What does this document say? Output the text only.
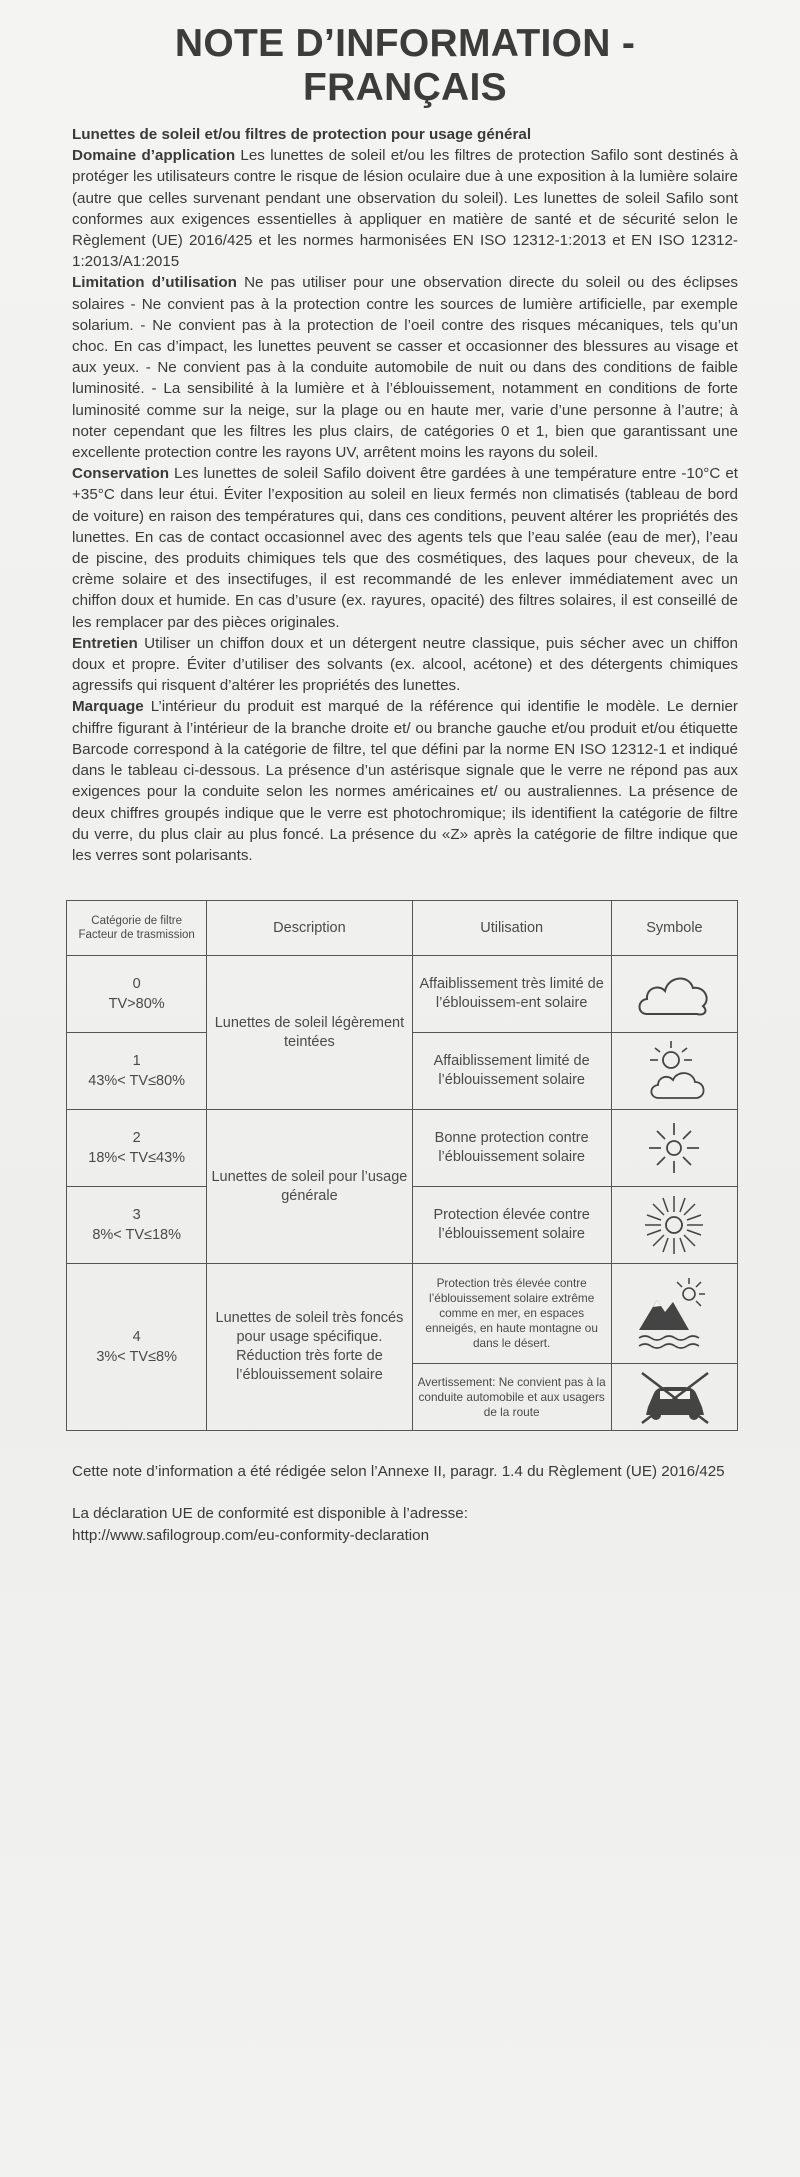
NOTE D’INFORMATION - FRANÇAIS

Lunettes de soleil et/ou filtres de protection pour usage général

Domaine d’application Les lunettes de soleil et/ou les filtres de protection Safilo sont destinés à protéger les utilisateurs contre le risque de lésion oculaire due à une exposition à la lumière solaire (autre que celles survenant pendant une observation du soleil). Les lunettes de soleil Safilo sont conformes aux exigences essentielles à appliquer en matière de santé et de sécurité selon le Règlement (UE) 2016/425 et les normes harmonisées EN ISO 12312-1:2013 et EN ISO 12312-1:2013/A1:2015

Limitation d’utilisation Ne pas utiliser pour une observation directe du soleil ou des éclipses solaires - Ne convient pas à la protection contre les sources de lumière artificielle, par exemple solarium. - Ne convient pas à la protection de l’oeil contre des risques mécaniques, tels qu’un choc. En cas d’impact, les lunettes peuvent se casser et occasionner des blessures au visage et aux yeux. - Ne convient pas à la conduite automobile de nuit ou dans des conditions de faible luminosité. - La sensibilité à la lumière et à l’éblouissement, notamment en conditions de forte luminosité comme sur la neige, sur la plage ou en haute mer, varie d’une personne à l’autre; à noter cependant que les filtres les plus clairs, de catégories 0 et 1, bien que garantissant une excellente protection contre les rayons UV, arrêtent moins les rayons du soleil.

Conservation Les lunettes de soleil Safilo doivent être gardées à une température entre -10°C et +35°C dans leur étui. Éviter l’exposition au soleil en lieux fermés non climatisés (tableau de bord de voiture) en raison des températures qui, dans ces conditions, peuvent altérer les propriétés des lunettes. En cas de contact occasionnel avec des agents tels que l’eau salée (eau de mer), l’eau de piscine, des produits chimiques tels que des cosmétiques, des laques pour cheveux, de la crème solaire et des insectifuges, il est recommandé de les enlever immédiatement avec un chiffon doux et humide. En cas d’usure (ex. rayures, opacité) des filtres solaires, il est conseillé de les remplacer par des pièces originales.

Entretien Utiliser un chiffon doux et un détergent neutre classique, puis sécher avec un chiffon doux et propre. Éviter d’utiliser des solvants (ex. alcool, acétone) et des détergents chimiques agressifs qui risquent d’altérer les propriétés des lunettes.

Marquage L’intérieur du produit est marqué de la référence qui identifie le modèle. Le dernier chiffre figurant à l’intérieur de la branche droite et/ ou branche gauche et/ou produit et/ou étiquette Barcode correspond à la catégorie de filtre, tel que défini par la norme EN ISO 12312-1 et indiqué dans le tableau ci-dessous. La présence d’un astérisque signale que le verre ne répond pas aux exigences pour la conduite selon les normes américaines et/ ou australiennes. La présence de deux chiffres groupés indique que le verre est photochromique; ils identifient la catégorie de filtre du verre, du plus clair au plus foncé. La présence du «Z» après la catégorie de filtre indique que les verres sont polarisants.

Catégorie de filtre
Facteur de trasmission	Description	Utilisation	Symbole

0
TV>80%	Lunettes de soleil légèrement teintées	Affaiblissement très limité de l’éblouissem-ent solaire	

1
43%< TV≤80%		Affaiblissement limité de l’éblouissement solaire	

2
18%< TV≤43%	Lunettes de soleil pour l’usage générale	Bonne protection contre l’éblouissement solaire	

3
8%< TV≤18%		Protection élevée contre l’éblouissement solaire	

4
3%< TV≤8%	Lunettes de soleil très foncés pour usage spécifique. Réduction très forte de l’éblouissement solaire	Protection très élevée contre l’éblouissement solaire extrême comme en mer, en espaces enneigés, en haute montagne ou dans le désert.	

		Avertissement: Ne convient pas à la conduite automobile et aux usagers de la route	

Cette note d’information a été rédigée selon l’Annexe II, paragr. 1.4 du Règlement (UE) 2016/425

La déclaration UE de conformité est disponible à l’adresse:
http://www.safilogroup.com/eu-conformity-declaration
